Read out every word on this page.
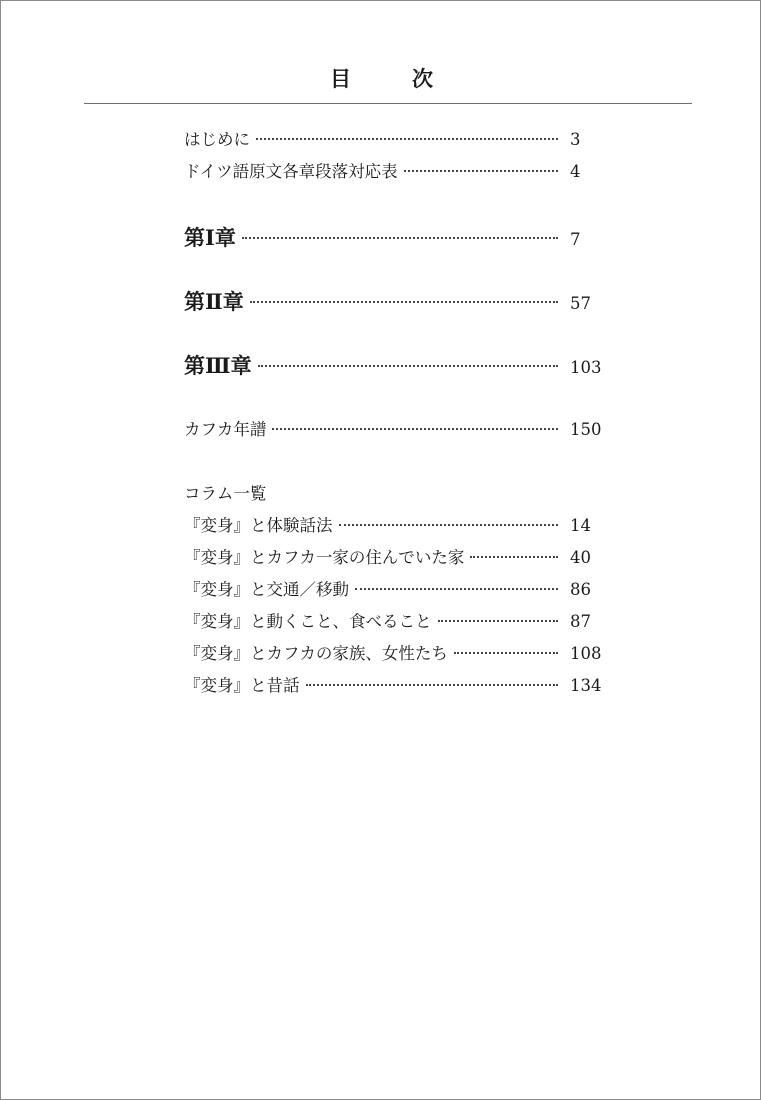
目　次
はじめに	3
ドイツ語原文各章段落対応表	4
第Ⅰ章	7
第Ⅱ章	57
第Ⅲ章	103
カフカ年譜	150
コラム一覧
『変身』と体験話法	14
『変身』とカフカ一家の住んでいた家	40
『変身』と交通／移動	86
『変身』と動くこと、食べること	87
『変身』とカフカの家族、女性たち	108
『変身』と昔話	134
